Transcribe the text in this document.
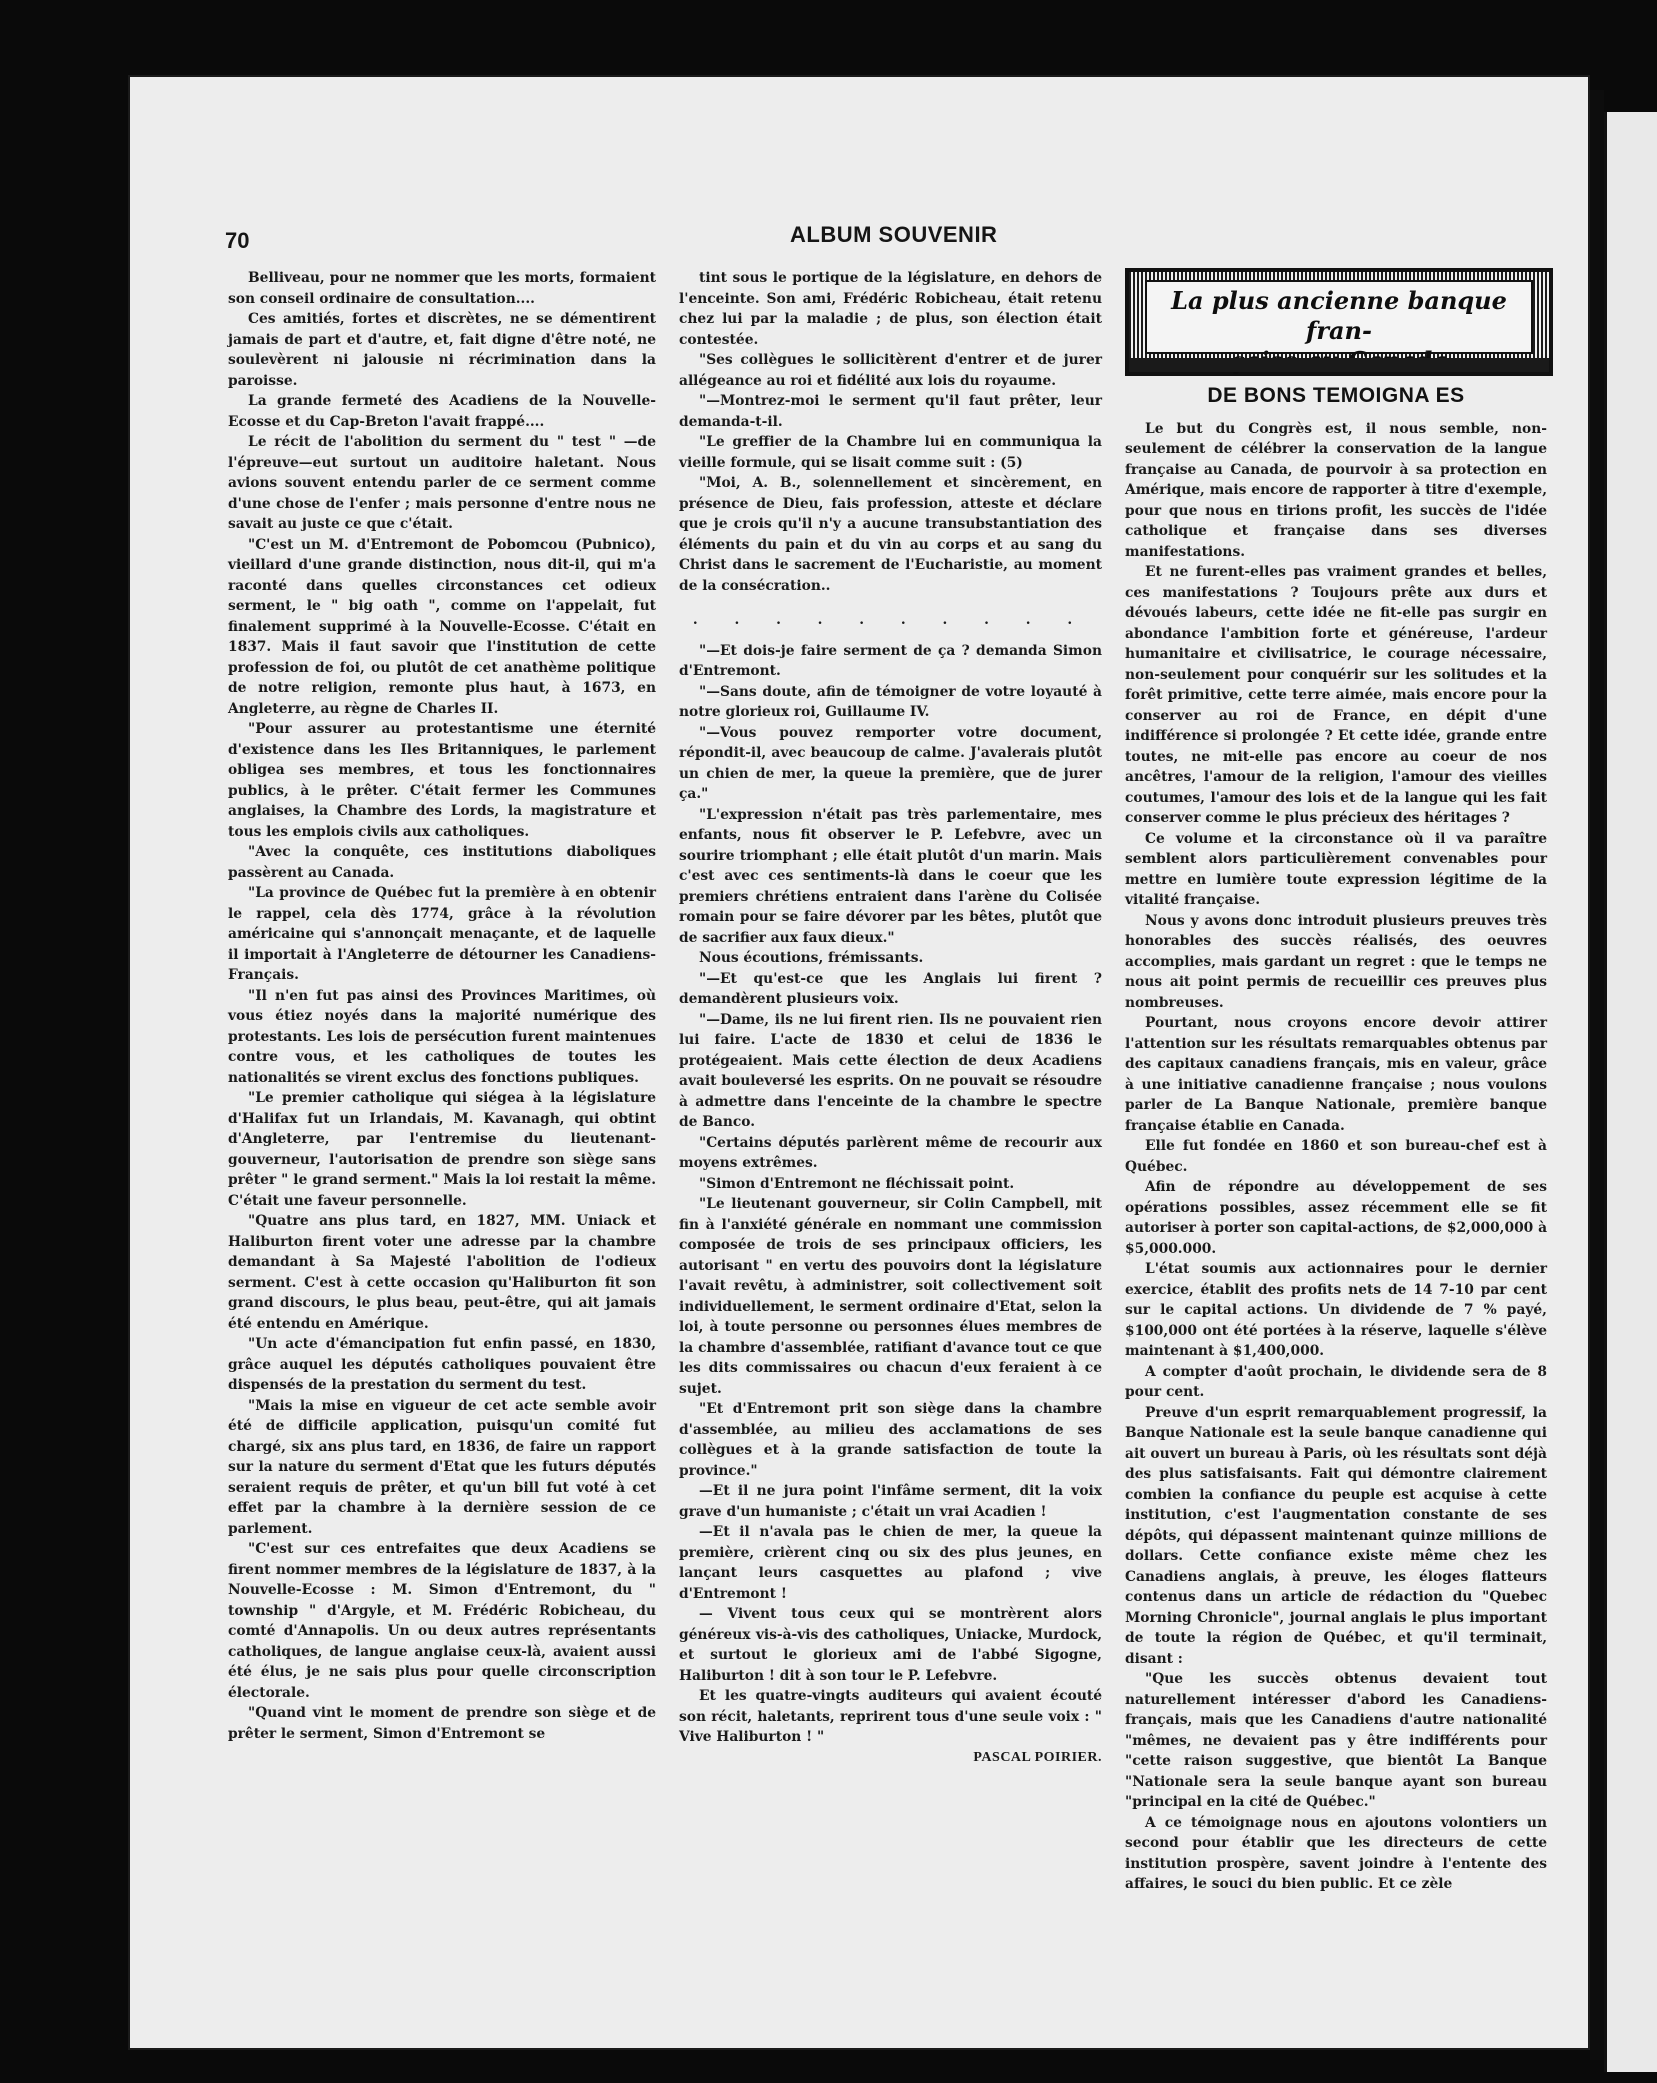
70	ALBUM SOUVENIR

Belliveau, pour ne nommer que les morts, formaient son conseil ordinaire de consultation....

Ces amitiés, fortes et discrètes, ne se démentirent jamais de part et d'autre, et, fait digne d'être noté, ne soulevèrent ni jalousie ni récrimination dans la paroisse.

La grande fermeté des Acadiens de la Nouvelle-Ecosse et du Cap-Breton l'avait frappé....

Le récit de l'abolition du serment du " test " —de l'épreuve—eut surtout un auditoire haletant. Nous avions souvent entendu parler de ce serment comme d'une chose de l'enfer ; mais personne d'entre nous ne savait au juste ce que c'était.

"C'est un M. d'Entremont de Pobomcou (Pubnico), vieillard d'une grande distinction, nous dit-il, qui m'a raconté dans quelles circonstances cet odieux serment, le " big oath ", comme on l'appelait, fut finalement supprimé à la Nouvelle-Ecosse. C'était en 1837. Mais il faut savoir que l'institution de cette profession de foi, ou plutôt de cet anathème politique de notre religion, remonte plus haut, à 1673, en Angleterre, au règne de Charles II.

"Pour assurer au protestantisme une éternité d'existence dans les Iles Britanniques, le parlement obligea ses membres, et tous les fonctionnaires publics, à le prêter. C'était fermer les Communes anglaises, la Chambre des Lords, la magistrature et tous les emplois civils aux catholiques.

"Avec la conquête, ces institutions diaboliques passèrent au Canada.

"La province de Québec fut la première à en obtenir le rappel, cela dès 1774, grâce à la révolution américaine qui s'annonçait menaçante, et de laquelle il importait à l'Angleterre de détourner les Canadiens-Français.

"Il n'en fut pas ainsi des Provinces Maritimes, où vous étiez noyés dans la majorité numérique des protestants. Les lois de persécution furent maintenues contre vous, et les catholiques de toutes les nationalités se virent exclus des fonctions publiques.

"Le premier catholique qui siégea à la législature d'Halifax fut un Irlandais, M. Kavanagh, qui obtint d'Angleterre, par l'entremise du lieutenant-gouverneur, l'autorisation de prendre son siège sans prêter " le grand serment." Mais la loi restait la même. C'était une faveur personnelle.

"Quatre ans plus tard, en 1827, MM. Uniack et Haliburton firent voter une adresse par la chambre demandant à Sa Majesté l'abolition de l'odieux serment. C'est à cette occasion qu'Haliburton fit son grand discours, le plus beau, peut-être, qui ait jamais été entendu en Amérique.

"Un acte d'émancipation fut enfin passé, en 1830, grâce auquel les députés catholiques pouvaient être dispensés de la prestation du serment du test.

"Mais la mise en vigueur de cet acte semble avoir été de difficile application, puisqu'un comité fut chargé, six ans plus tard, en 1836, de faire un rapport sur la nature du serment d'Etat que les futurs députés seraient requis de prêter, et qu'un bill fut voté à cet effet par la chambre à la dernière session de ce parlement.

"C'est sur ces entrefaites que deux Acadiens se firent nommer membres de la législature de 1837, à la Nouvelle-Ecosse : M. Simon d'Entremont, du " township " d'Argyle, et M. Frédéric Robicheau, du comté d'Annapolis. Un ou deux autres représentants catholiques, de langue anglaise ceux-là, avaient aussi été élus, je ne sais plus pour quelle circonscription électorale.

"Quand vint le moment de prendre son siège et de prêter le serment, Simon d'Entremont se

tint sous le portique de la législature, en dehors de l'enceinte. Son ami, Frédéric Robicheau, était retenu chez lui par la maladie ; de plus, son élection était contestée.

"Ses collègues le sollicitèrent d'entrer et de jurer allégeance au roi et fidélité aux lois du royaume.

"—Montrez-moi le serment qu'il faut prêter, leur demanda-t-il.

"Le greffier de la Chambre lui en communiqua la vieille formule, qui se lisait comme suit : (5)

"Moi, A. B., solennellement et sincèrement, en présence de Dieu, fais profession, atteste et déclare que je crois qu'il n'y a aucune transubstantiation des éléments du pain et du vin au corps et au sang du Christ dans le sacrement de l'Eucharistie, au moment de la consécration..

. . . . . . . . . .

"—Et dois-je faire serment de ça ? demanda Simon d'Entremont.

"—Sans doute, afin de témoigner de votre loyauté à notre glorieux roi, Guillaume IV.

"—Vous pouvez remporter votre document, répondit-il, avec beaucoup de calme. J'avalerais plutôt un chien de mer, la queue la première, que de jurer ça."

"L'expression n'était pas très parlementaire, mes enfants, nous fit observer le P. Lefebvre, avec un sourire triomphant ; elle était plutôt d'un marin. Mais c'est avec ces sentiments-là dans le coeur que les premiers chrétiens entraient dans l'arène du Colisée romain pour se faire dévorer par les bêtes, plutôt que de sacrifier aux faux dieux."

Nous écoutions, frémissants.

"—Et qu'est-ce que les Anglais lui firent ? demandèrent plusieurs voix.

"—Dame, ils ne lui firent rien. Ils ne pouvaient rien lui faire. L'acte de 1830 et celui de 1836 le protégeaient. Mais cette élection de deux Acadiens avait bouleversé les esprits. On ne pouvait se résoudre à admettre dans l'enceinte de la chambre le spectre de Banco.

"Certains députés parlèrent même de recourir aux moyens extrêmes.

"Simon d'Entremont ne fléchissait point.

"Le lieutenant gouverneur, sir Colin Campbell, mit fin à l'anxiété générale en nommant une commission composée de trois de ses principaux officiers, les autorisant " en vertu des pouvoirs dont la législature l'avait revêtu, à administrer, soit collectivement soit individuellement, le serment ordinaire d'Etat, selon la loi, à toute personne ou personnes élues membres de la chambre d'assemblée, ratifiant d'avance tout ce que les dits commissaires ou chacun d'eux feraient à ce sujet.

"Et d'Entremont prit son siège dans la chambre d'assemblée, au milieu des acclamations de ses collègues et à la grande satisfaction de toute la province."

—Et il ne jura point l'infâme serment, dit la voix grave d'un humaniste ; c'était un vrai Acadien !

—Et il n'avala pas le chien de mer, la queue la première, crièrent cinq ou six des plus jeunes, en lançant leurs casquettes au plafond ; vive d'Entremont !

— Vivent tous ceux qui se montrèrent alors généreux vis-à-vis des catholiques, Uniacke, Murdock, et surtout le glorieux ami de l'abbé Sigogne, Haliburton ! dit à son tour le P. Lefebvre.

Et les quatre-vingts auditeurs qui avaient écouté son récit, haletants, reprirent tous d'une seule voix : " Vive Haliburton ! "

PASCAL POIRIER.

La plus ancienne banque fran-
DE BONS TEMOIGNA ES

Le but du Congrès est, il nous semble, non-seulement de célébrer la conservation de la langue française au Canada, de pourvoir à sa protection en Amérique, mais encore de rapporter à titre d'exemple, pour que nous en tirions profit, les succès de l'idée catholique et française dans ses diverses manifestations.

Et ne furent-elles pas vraiment grandes et belles, ces manifestations ? Toujours prête aux durs et dévoués labeurs, cette idée ne fit-elle pas surgir en abondance l'ambition forte et généreuse, l'ardeur humanitaire et civilisatrice, le courage nécessaire, non-seulement pour conquérir sur les solitudes et la forêt primitive, cette terre aimée, mais encore pour la conserver au roi de France, en dépit d'une indifférence si prolongée ? Et cette idée, grande entre toutes, ne mit-elle pas encore au coeur de nos ancêtres, l'amour de la religion, l'amour des vieilles coutumes, l'amour des lois et de la langue qui les fait conserver comme le plus précieux des héritages ?

Ce volume et la circonstance où il va paraître semblent alors particulièrement convenables pour mettre en lumière toute expression légitime de la vitalité française.

Nous y avons donc introduit plusieurs preuves très honorables des succès réalisés, des oeuvres accomplies, mais gardant un regret : que le temps ne nous ait point permis de recueillir ces preuves plus nombreuses.

Pourtant, nous croyons encore devoir attirer l'attention sur les résultats remarquables obtenus par des capitaux canadiens français, mis en valeur, grâce à une initiative canadienne française ; nous voulons parler de La Banque Nationale, première banque française établie en Canada.

Elle fut fondée en 1860 et son bureau-chef est à Québec.

Afin de répondre au développement de ses opérations possibles, assez récemment elle se fit autoriser à porter son capital-actions, de $2,000,000 à $5,000.000.

L'état soumis aux actionnaires pour le dernier exercice, établit des profits nets de 14 7-10 par cent sur le capital actions. Un dividende de 7 % payé, $100,000 ont été portées à la réserve, laquelle s'élève maintenant à $1,400,000.

A compter d'août prochain, le dividende sera de 8 pour cent.

Preuve d'un esprit remarquablement progressif, la Banque Nationale est la seule banque canadienne qui ait ouvert un bureau à Paris, où les résultats sont déjà des plus satisfaisants. Fait qui démontre clairement combien la confiance du peuple est acquise à cette institution, c'est l'augmentation constante de ses dépôts, qui dépassent maintenant quinze millions de dollars. Cette confiance existe même chez les Canadiens anglais, à preuve, les éloges flatteurs contenus dans un article de rédaction du "Quebec Morning Chronicle", journal anglais le plus important de toute la région de Québec, et qu'il terminait, disant :

"Que les succès obtenus devaient tout naturellement intéresser d'abord les Canadiens-français, mais que les Canadiens d'autre nationalité "mêmes, ne devaient pas y être indifférents pour "cette raison suggestive, que bientôt La Banque "Nationale sera la seule banque ayant son bureau "principal en la cité de Québec."

A ce témoignage nous en ajoutons volontiers un second pour établir que les directeurs de cette institution prospère, savent joindre à l'entente des affaires, le souci du bien public. Et ce zèle
